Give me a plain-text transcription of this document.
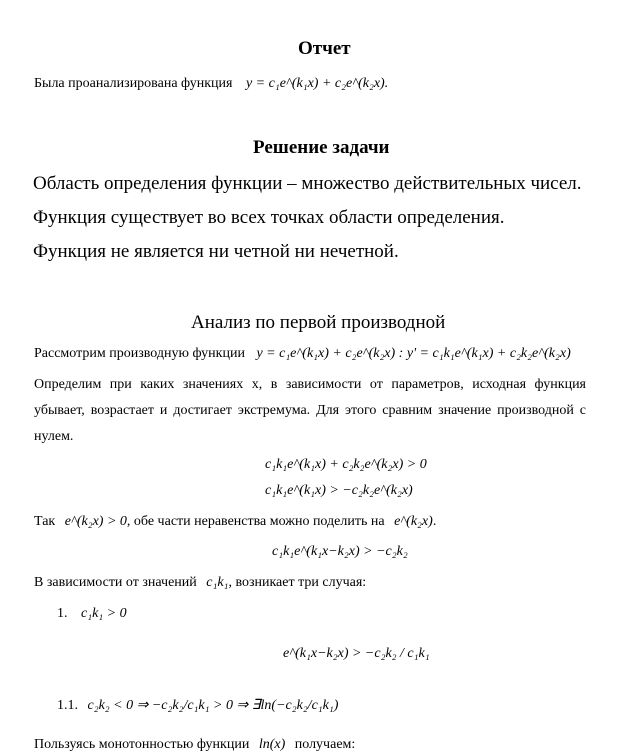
Отчет
Была проанализирована функция y = c₁e^(k₁x) + c₂e^(k₂x).
Решение задачи
Область определения функции – множество действительных чисел.
Функция существует во всех точках области определения.
Функция не является ни четной ни нечетной.
Анализ по первой производной
Рассмотрим производную функции y = c₁e^(k₁x) + c₂e^(k₂x) : y' = c₁k₁e^(k₁x) + c₂k₂e^(k₂x)
Определим при каких значениях x, в зависимости от параметров, исходная функция
убывает, возрастает и достигает экстремума. Для этого сравним значение производной с
нулем.
c₁k₁e^(k₁x) + c₂k₂e^(k₂x) > 0
c₁k₁e^(k₁x) > −c₂k₂e^(k₂x)
Так e^(k₂x) > 0, обе части неравенства можно поделить на e^(k₂x).
c₁k₁e^(k₁x−k₂x) > −c₂k₂
В зависимости от значений c₁k₁, возникает три случая:
1. c₁k₁ > 0
e^(k₁x−k₂x) > −c₂k₂ / c₁k₁
1.1. c₂k₂ < 0 ⇒ −c₂k₂/c₁k₁ > 0 ⇒ ∃ln(−c₂k₂/c₁k₁)
Пользуясь монотонностью функции ln(x) получаем:
